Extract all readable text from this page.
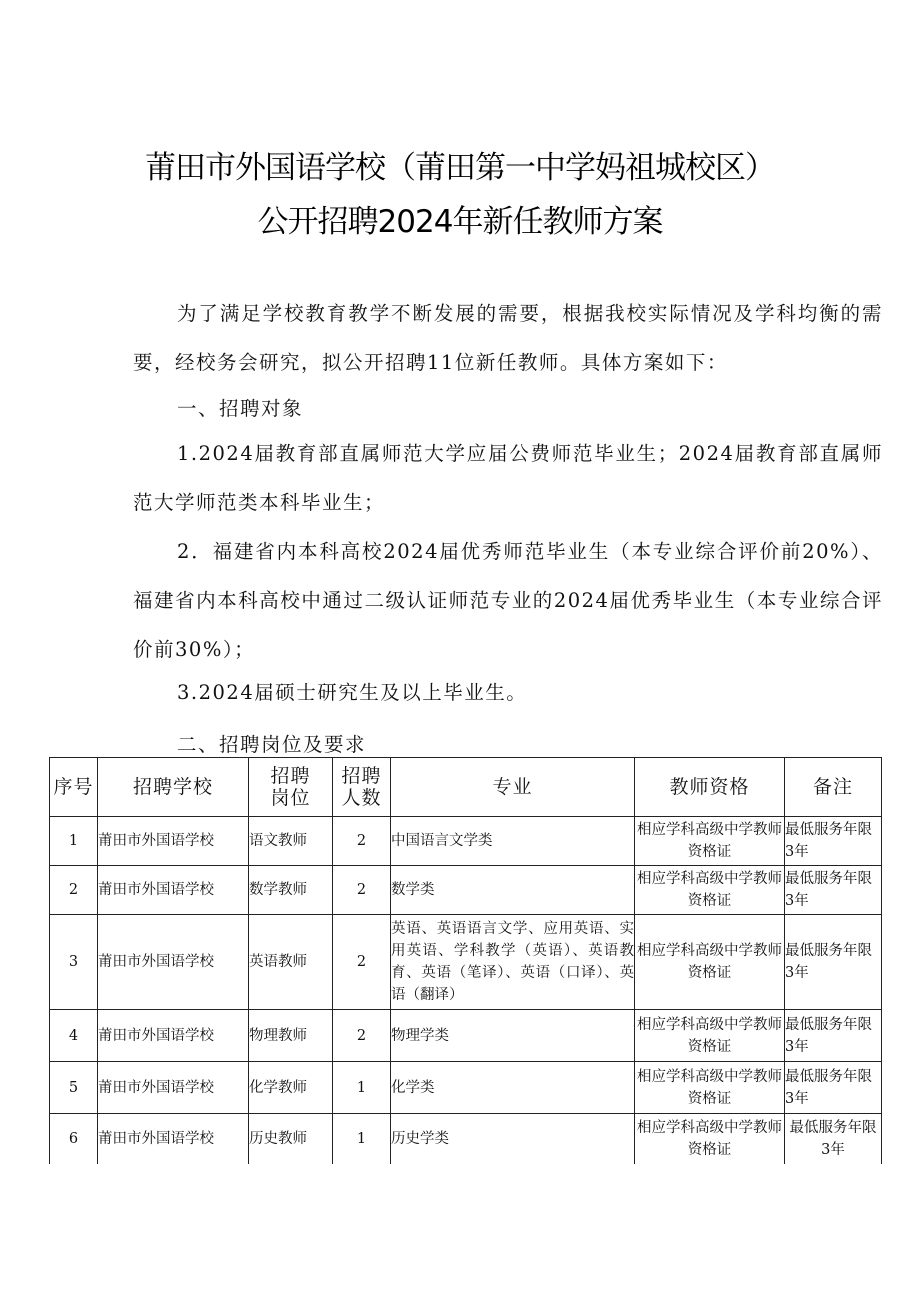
莆田市外国语学校（莆田第一中学妈祖城校区）
公开招聘2024年新任教师方案

为了满足学校教育教学不断发展的需要，根据我校实际情况及学科均衡的需要，经校务会研究，拟公开招聘11位新任教师。具体方案如下：

一、招聘对象

1.2024届教育部直属师范大学应届公费师范毕业生；2024届教育部直属师范大学师范类本科毕业生；

2．福建省内本科高校2024届优秀师范毕业生（本专业综合评价前20%）、福建省内本科高校中通过二级认证师范专业的2024届优秀毕业生（本专业综合评价前30%）；

3.2024届硕士研究生及以上毕业生。
二、招聘岗位及要求
序号	招聘学校	招聘岗位	招聘人数	专业	教师资格	备注
1	莆田市外国语学校	语文教师	2	中国语言文学类	相应学科高级中学教师资格证	最低服务年限3年
2	莆田市外国语学校	数学教师	2	数学类	相应学科高级中学教师资格证	最低服务年限3年
3	莆田市外国语学校	英语教师	2	英语、英语语言文学、应用英语、实用英语、学科教学（英语）、英语教育、英语（笔译）、英语（口译）、英语（翻译）	相应学科高级中学教师资格证	最低服务年限3年
4	莆田市外国语学校	物理教师	2	物理学类	相应学科高级中学教师资格证	最低服务年限3年
5	莆田市外国语学校	化学教师	1	化学类	相应学科高级中学教师资格证	最低服务年限3年
6	莆田市外国语学校	历史教师	1	历史学类	相应学科高级中学教师资格证	最低服务年限3年
